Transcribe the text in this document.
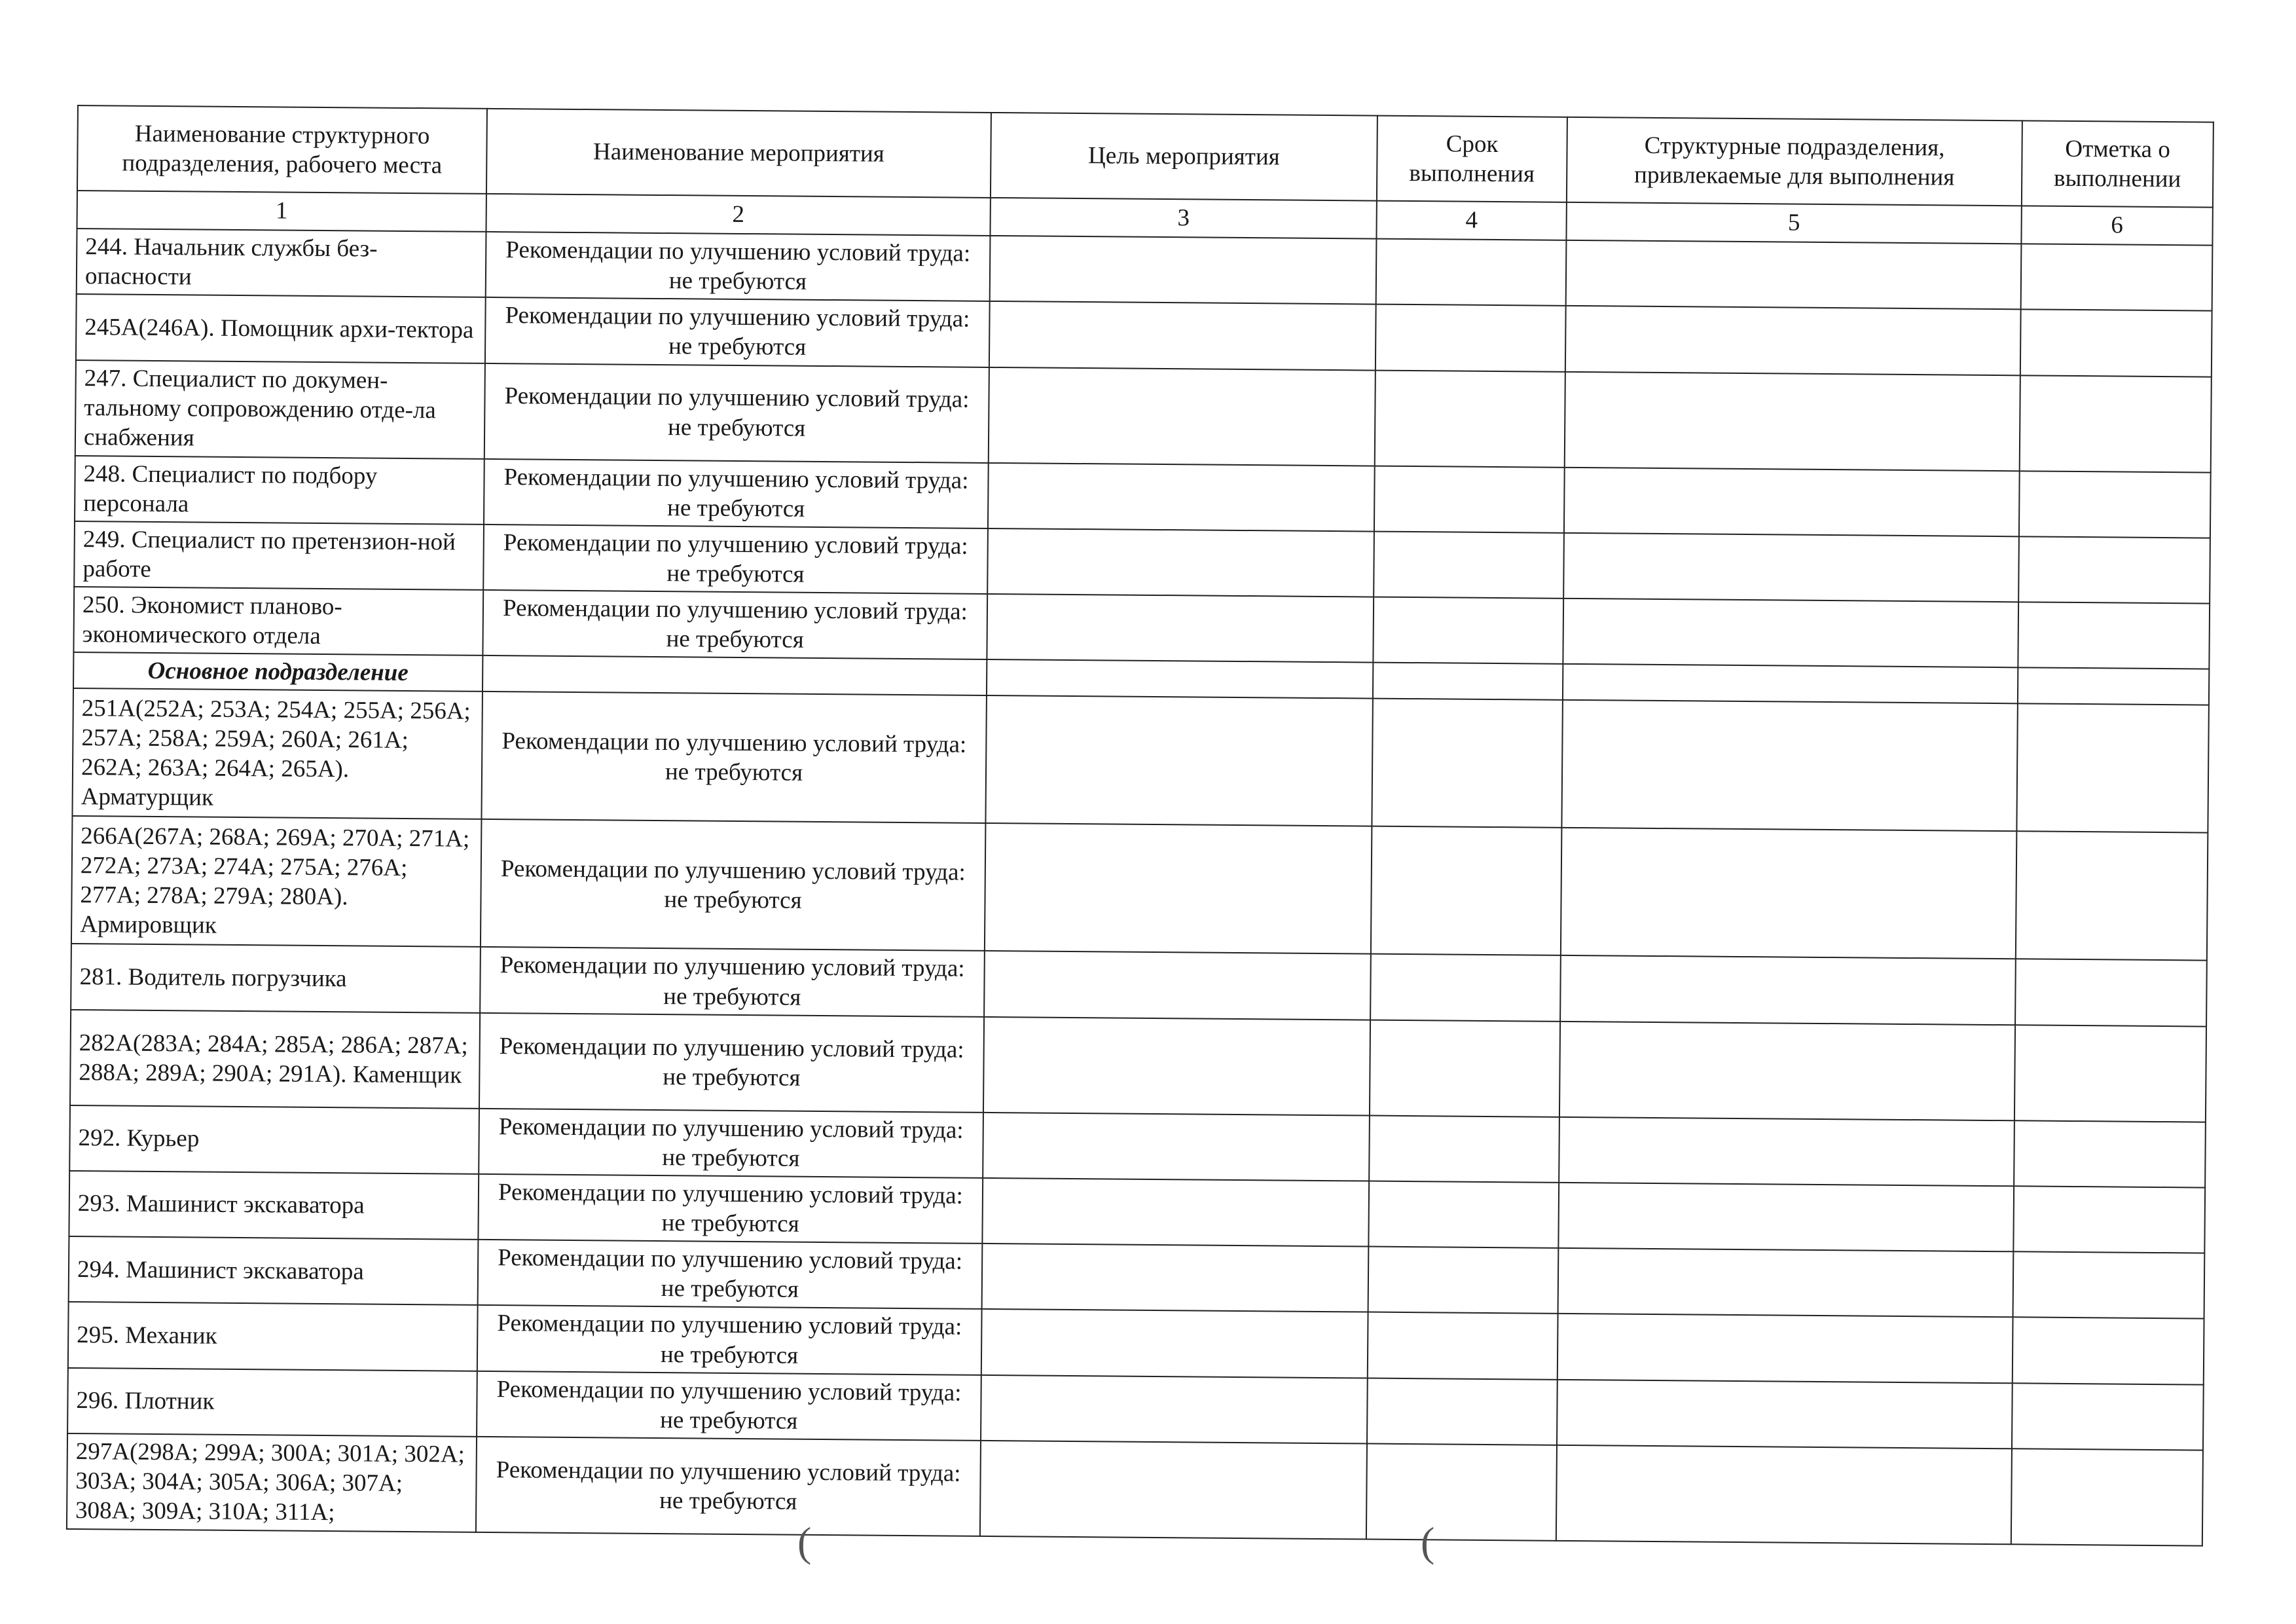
Наименование структурного подразделения, рабочего места	Наименование мероприятия	Цель мероприятия	Срок выполнения	Структурные подразделения, привлекаемые для выполнения	Отметка о выполнении
1	2	3	4	5	6
244. Начальник службы без-опасности	Рекомендации по улучшению условий труда: не требуются				
245А(246А). Помощник архи-тектора	Рекомендации по улучшению условий труда: не требуются				
247. Специалист по докумен-тальному сопровождению отде-ла снабжения	Рекомендации по улучшению условий труда: не требуются				
248. Специалист по подбору персонала	Рекомендации по улучшению условий труда: не требуются				
249. Специалист по претензион-ной работе	Рекомендации по улучшению условий труда: не требуются				
250. Экономист планово-экономического отдела	Рекомендации по улучшению условий труда: не требуются				
Основное подразделение					
251А(252А; 253А; 254А; 255А; 256А; 257А; 258А; 259А; 260А; 261А; 262А; 263А; 264А; 265А). Арматурщик	Рекомендации по улучшению условий труда: не требуются				
266А(267А; 268А; 269А; 270А; 271А; 272А; 273А; 274А; 275А; 276А; 277А; 278А; 279А; 280А). Армировщик	Рекомендации по улучшению условий труда: не требуются				
281. Водитель погрузчика	Рекомендации по улучшению условий труда: не требуются				
282А(283А; 284А; 285А; 286А; 287А; 288А; 289А; 290А; 291А). Каменщик	Рекомендации по улучшению условий труда: не требуются				
292. Курьер	Рекомендации по улучшению условий труда: не требуются				
293. Машинист экскаватора	Рекомендации по улучшению условий труда: не требуются				
294. Машинист экскаватора	Рекомендации по улучшению условий труда: не требуются				
295. Механик	Рекомендации по улучшению условий труда: не требуются				
296. Плотник	Рекомендации по улучшению условий труда: не требуются				
297А(298А; 299А; 300А; 301А; 302А; 303А; 304А; 305А; 306А; 307А; 308А; 309А; 310А; 311А;	Рекомендации по улучшению условий труда: не требуются				
(	(
